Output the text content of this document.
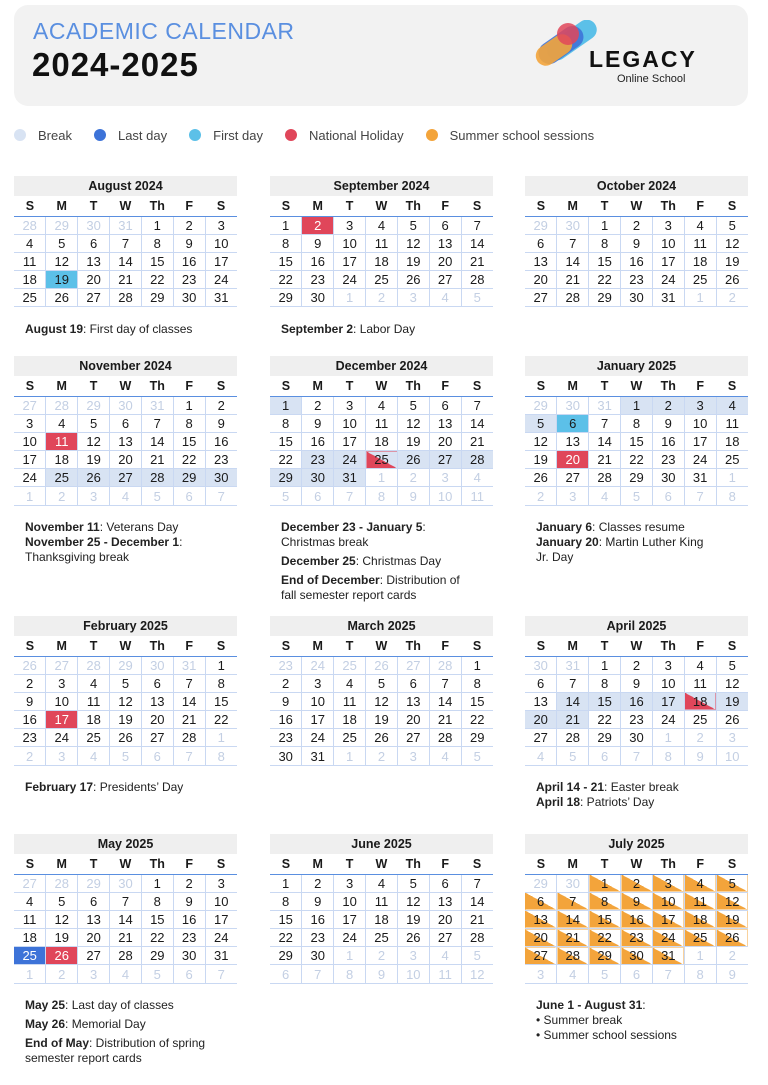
ACADEMIC CALENDAR
2024-2025	LEGACY
Online School
Break	Last day	First day	National Holiday	Summer school sessions
August 2024
S	M	T	W	Th	F	S
28	29	30	31	1	2	3
4	5	6	7	8	9	10
11	12	13	14	15	16	17
18	19	20	21	22	23	24
25	26	27	28	29	30	31
August 19: First day of classes
September 2024
S	M	T	W	Th	F	S
1	2	3	4	5	6	7
8	9	10	11	12	13	14
15	16	17	18	19	20	21
22	23	24	25	26	27	28
29	30	1	2	3	4	5
September 2: Labor Day
October 2024
S	M	T	W	Th	F	S
29	30	1	2	3	4	5
6	7	8	9	10	11	12
13	14	15	16	17	18	19
20	21	22	23	24	25	26
27	28	29	30	31	1	2
November 2024
S	M	T	W	Th	F	S
27	28	29	30	31	1	2
3	4	5	6	7	8	9
10	11	12	13	14	15	16
17	18	19	20	21	22	23
24	25	26	27	28	29	30
1	2	3	4	5	6	7
November 11: Veterans Day
November 25 - December 1:
Thanksgiving break
December 2024
S	M	T	W	Th	F	S
1	2	3	4	5	6	7
8	9	10	11	12	13	14
15	16	17	18	19	20	21
22	23	24	25	26	27	28
29	30	31	1	2	3	4
5	6	7	8	9	10	11
December 23 - January 5:
Christmas break
December 25: Christmas Day
End of December: Distribution of
fall semester report cards
January 2025
S	M	T	W	Th	F	S
29	30	31	1	2	3	4
5	6	7	8	9	10	11
12	13	14	15	16	17	18
19	20	21	22	23	24	25
26	27	28	29	30	31	1
2	3	4	5	6	7	8
January 6: Classes resume
January 20: Martin Luther King
Jr. Day
February 2025
S	M	T	W	Th	F	S
26	27	28	29	30	31	1
2	3	4	5	6	7	8
9	10	11	12	13	14	15
16	17	18	19	20	21	22
23	24	25	26	27	28	1
2	3	4	5	6	7	8
February 17: Presidents’ Day
March 2025
S	M	T	W	Th	F	S
23	24	25	26	27	28	1
2	3	4	5	6	7	8
9	10	11	12	13	14	15
16	17	18	19	20	21	22
23	24	25	26	27	28	29
30	31	1	2	3	4	5
April 2025
S	M	T	W	Th	F	S
30	31	1	2	3	4	5
6	7	8	9	10	11	12
13	14	15	16	17	18	19
20	21	22	23	24	25	26
27	28	29	30	1	2	3
4	5	6	7	8	9	10
April 14 - 21: Easter break
April 18: Patriots’ Day
May 2025
S	M	T	W	Th	F	S
27	28	29	30	1	2	3
4	5	6	7	8	9	10
11	12	13	14	15	16	17
18	19	20	21	22	23	24
25	26	27	28	29	30	31
1	2	3	4	5	6	7
May 25: Last day of classes
May 26: Memorial Day
End of May: Distribution of spring
semester report cards
June 2025
S	M	T	W	Th	F	S
1	2	3	4	5	6	7
8	9	10	11	12	13	14
15	16	17	18	19	20	21
22	23	24	25	26	27	28
29	30	1	2	3	4	5
6	7	8	9	10	11	12
July 2025
S	M	T	W	Th	F	S
29	30	1	2	3	4	5
6	7	8	9	10	11	12
13	14	15	16	17	18	19
20	21	22	23	24	25	26
27	28	29	30	31	1	2
3	4	5	6	7	8	9
June 1 - August 31:
• Summer break
• Summer school sessions
